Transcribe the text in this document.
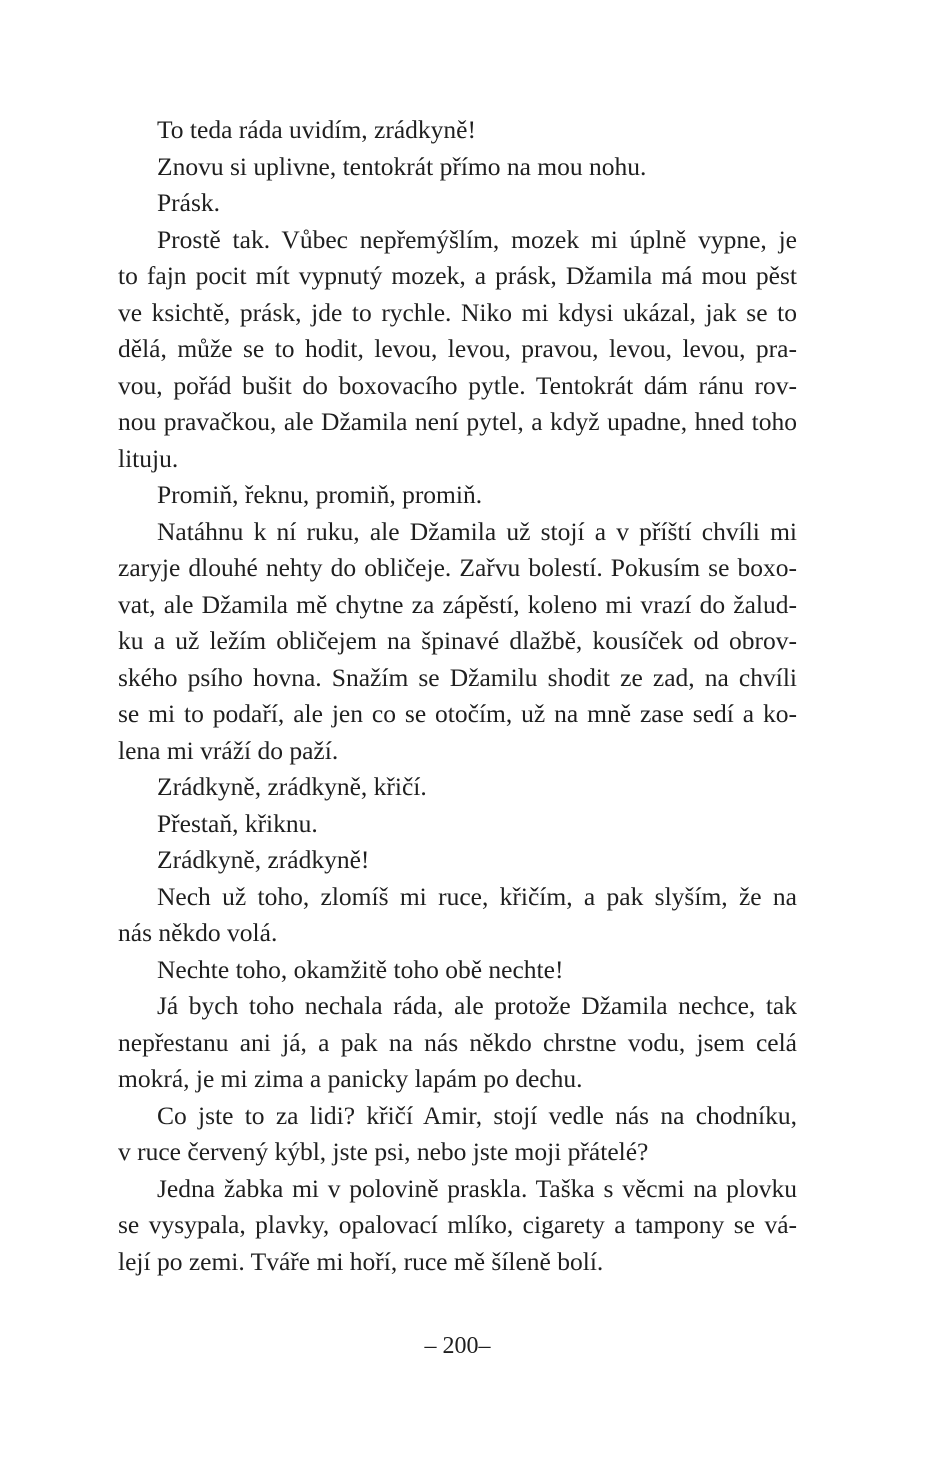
To teda ráda uvidím, zrádkyně!
Znovu si uplivne, tentokrát přímo na mou nohu.
Prásk.
Prostě tak. Vůbec nepřemýšlím, mozek mi úplně vypne, je
to fajn pocit mít vypnutý mozek, a prásk, Džamila má mou pěst
ve ksichtě, prásk, jde to rychle. Niko mi kdysi ukázal, jak se to
dělá, může se to hodit, levou, levou, pravou, levou, levou, pra-
vou, pořád bušit do boxovacího pytle. Tentokrát dám ránu rov-
nou pravačkou, ale Džamila není pytel, a když upadne, hned toho
lituju.
Promiň, řeknu, promiň, promiň.
Natáhnu k ní ruku, ale Džamila už stojí a v příští chvíli mi
zaryje dlouhé nehty do obličeje. Zařvu bolestí. Pokusím se boxo-
vat, ale Džamila mě chytne za zápěstí, koleno mi vrazí do žalud-
ku a už ležím obličejem na špinavé dlažbě, kousíček od obrov-
ského psího hovna. Snažím se Džamilu shodit ze zad, na chvíli
se mi to podaří, ale jen co se otočím, už na mně zase sedí a ko-
lena mi vráží do paží.
Zrádkyně, zrádkyně, křičí.
Přestaň, křiknu.
Zrádkyně, zrádkyně!
Nech už toho, zlomíš mi ruce, křičím, a pak slyším, že na
nás někdo volá.
Nechte toho, okamžitě toho obě nechte!
Já bych toho nechala ráda, ale protože Džamila nechce, tak
nepřestanu ani já, a pak na nás někdo chrstne vodu, jsem celá
mokrá, je mi zima a panicky lapám po dechu.
Co jste to za lidi? křičí Amir, stojí vedle nás na chodníku,
v ruce červený kýbl, jste psi, nebo jste moji přátelé?
Jedna žabka mi v polovině praskla. Taška s věcmi na plovku
se vysypala, plavky, opalovací mlíko, cigarety a tampony se vá-
lejí po zemi. Tváře mi hoří, ruce mě šíleně bolí.
– 200–
